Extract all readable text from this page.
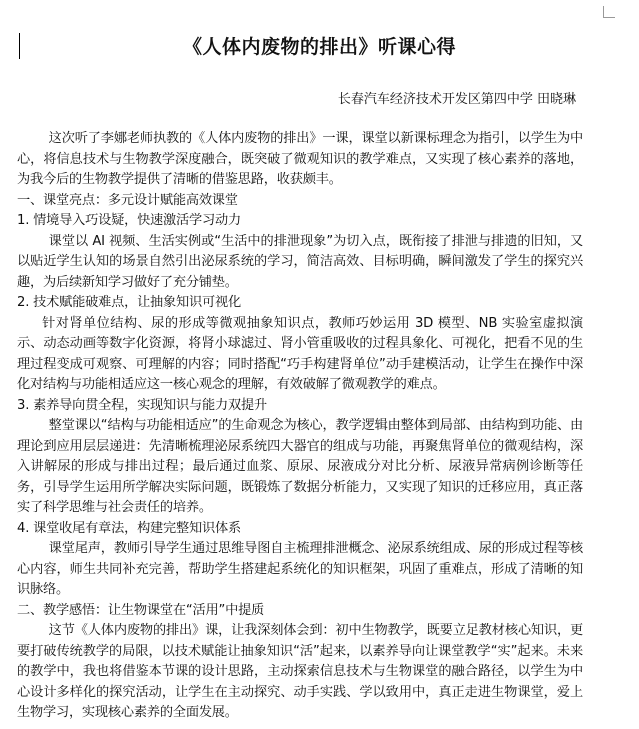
《人体内废物的排出》听课心得
长春汽车经济技术开发区第四中学 田晓琳

这次听了李娜老师执教的《人体内废物的排出》一课，课堂以新课标理念为指引，以学生为中心，将信息技术与生物教学深度融合，既突破了微观知识的教学难点，又实现了核心素养的落地，为我今后的生物教学提供了清晰的借鉴思路，收获颇丰。

一、课堂亮点：多元设计赋能高效课堂

1. 情境导入巧设疑，快速激活学习动力

课堂以 AI 视频、生活实例或“生活中的排泄现象”为切入点，既衔接了排泄与排遗的旧知，又以贴近学生认知的场景自然引出泌尿系统的学习，简洁高效、目标明确，瞬间激发了学生的探究兴趣，为后续新知学习做好了充分铺垫。

2. 技术赋能破难点，让抽象知识可视化

针对肾单位结构、尿的形成等微观抽象知识点，教师巧妙运用 3D 模型、NB 实验室虚拟演示、动态动画等数字化资源，将肾小球滤过、肾小管重吸收的过程具象化、可视化，把看不见的生理过程变成可观察、可理解的内容；同时搭配“巧手构建肾单位”动手建模活动，让学生在操作中深化对结构与功能相适应这一核心观念的理解，有效破解了微观教学的难点。

3. 素养导向贯全程，实现知识与能力双提升

整堂课以“结构与功能相适应”的生命观念为核心，教学逻辑由整体到局部、由结构到功能、由理论到应用层层递进：先清晰梳理泌尿系统四大器官的组成与功能，再聚焦肾单位的微观结构，深入讲解尿的形成与排出过程；最后通过血浆、原尿、尿液成分对比分析、尿液异常病例诊断等任务，引导学生运用所学解决实际问题，既锻炼了数据分析能力，又实现了知识的迁移应用，真正落实了科学思维与社会责任的培养。

4. 课堂收尾有章法，构建完整知识体系

课堂尾声，教师引导学生通过思维导图自主梳理排泄概念、泌尿系统组成、尿的形成过程等核心内容，师生共同补充完善，帮助学生搭建起系统化的知识框架，巩固了重难点，形成了清晰的知识脉络。

二、教学感悟：让生物课堂在“活用”中提质

这节《人体内废物的排出》课，让我深刻体会到：初中生物教学，既要立足教材核心知识，更要打破传统教学的局限，以技术赋能让抽象知识“活”起来，以素养导向让课堂教学“实”起来。未来的教学中，我也将借鉴本节课的设计思路，主动探索信息技术与生物课堂的融合路径，以学生为中心设计多样化的探究活动，让学生在主动探究、动手实践、学以致用中，真正走进生物课堂，爱上生物学习，实现核心素养的全面发展。
